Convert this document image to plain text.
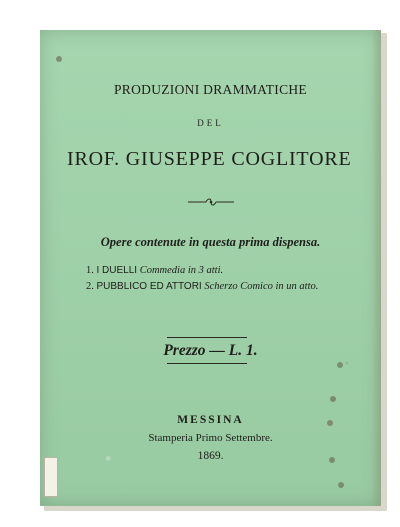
PRODUZIONI DRAMMATICHE
DEL
IROF. GIUSEPPE COGLITORE
Opere contenute in questa prima dispensa.
1. I DUELLI Commedia in 3 atti.
2. PUBBLICO ED ATTORI Scherzo Comico in un atto.
Prezzo — L. 1.
MESSINA
Stamperia Primo Settembre.
1869.
